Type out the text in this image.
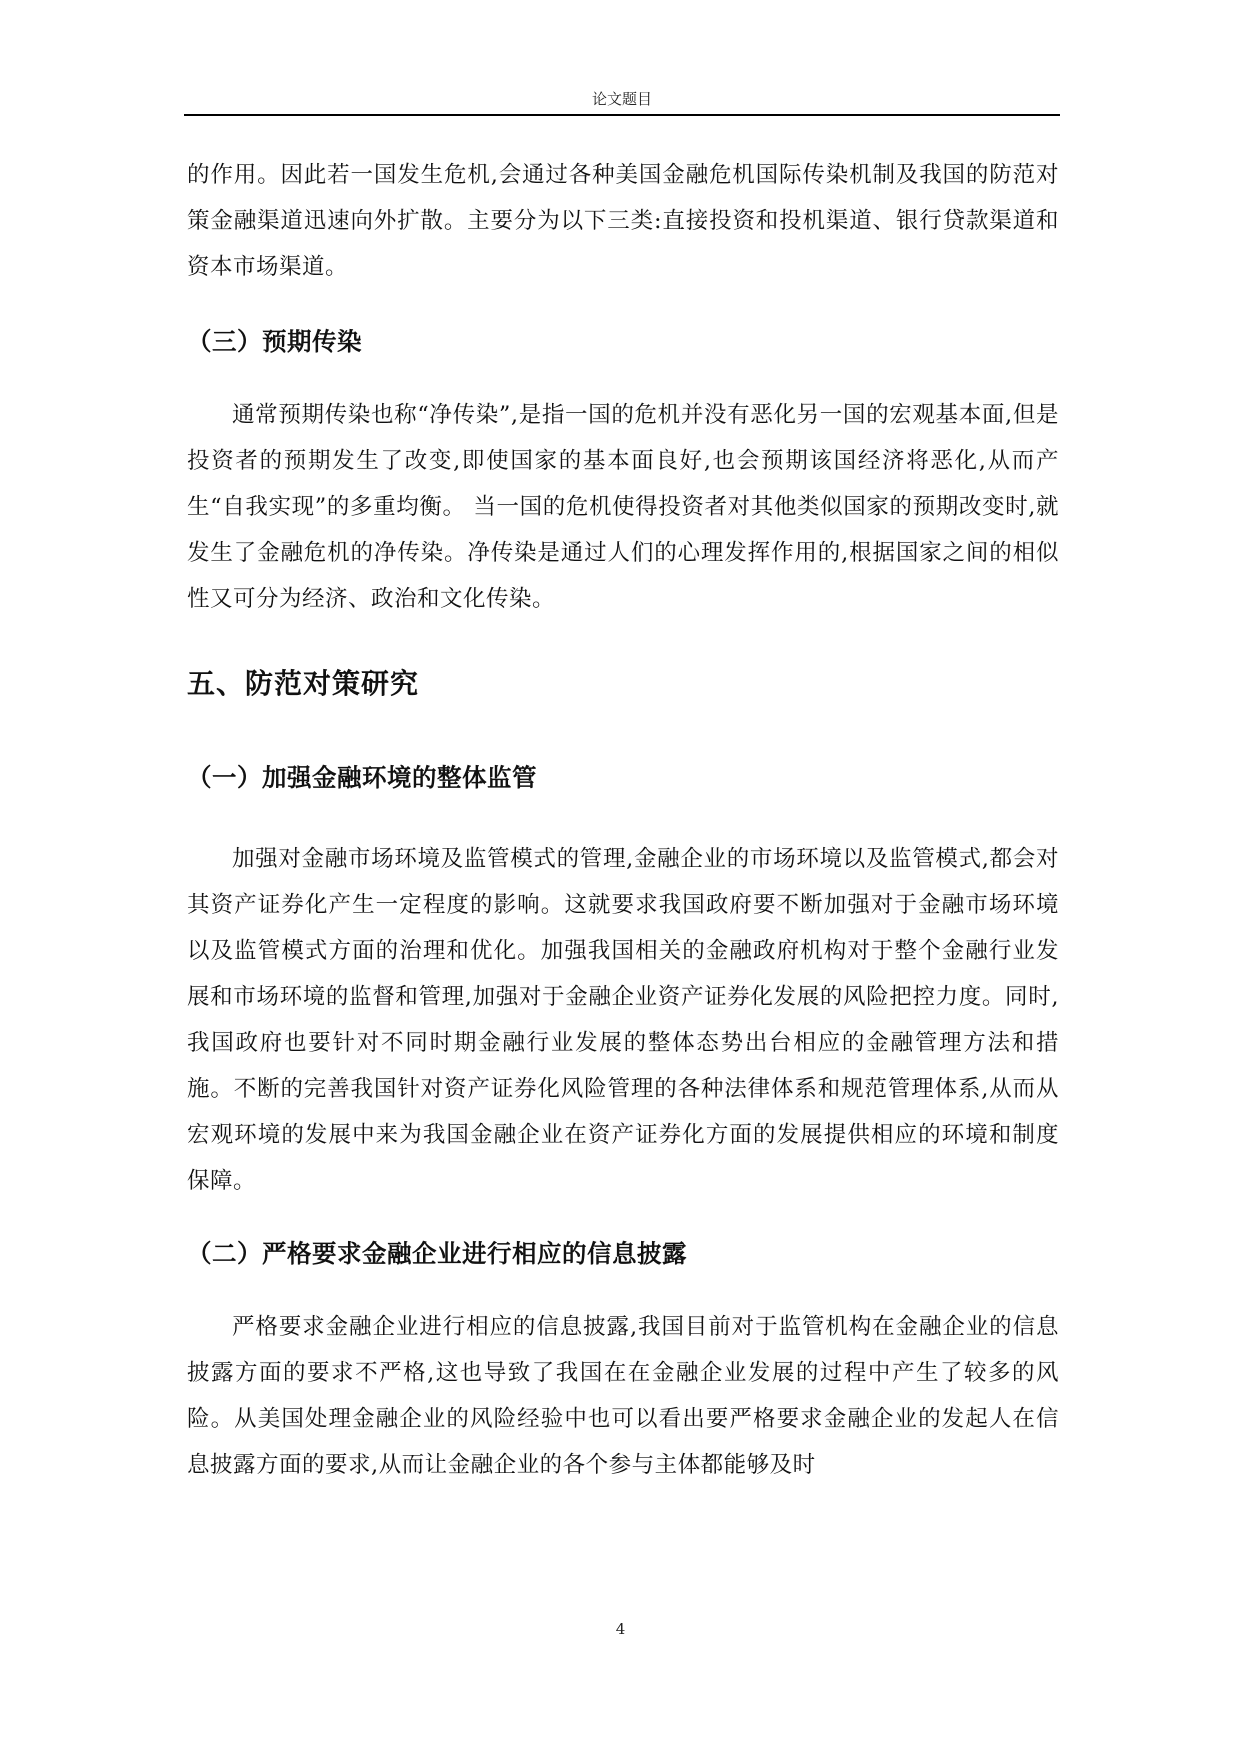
论文题目

的作用。因此若一国发生危机,会通过各种美国金融危机国际传染机制及我国的防范对策金融渠道迅速向外扩散。主要分为以下三类:直接投资和投机渠道、银行贷款渠道和资本市场渠道。

（三）预期传染

通常预期传染也称“净传染”,是指一国的危机并没有恶化另一国的宏观基本面,但是投资者的预期发生了改变,即使国家的基本面良好,也会预期该国经济将恶化,从而产生“自我实现”的多重均衡。 当一国的危机使得投资者对其他类似国家的预期改变时,就发生了金融危机的净传染。净传染是通过人们的心理发挥作用的,根据国家之间的相似性又可分为经济、政治和文化传染。

五、防范对策研究
（一）加强金融环境的整体监管

加强对金融市场环境及监管模式的管理,金融企业的市场环境以及监管模式,都会对其资产证券化产生一定程度的影响。这就要求我国政府要不断加强对于金融市场环境以及监管模式方面的治理和优化。加强我国相关的金融政府机构对于整个金融行业发展和市场环境的监督和管理,加强对于金融企业资产证券化发展的风险把控力度。同时,我国政府也要针对不同时期金融行业发展的整体态势出台相应的金融管理方法和措施。不断的完善我国针对资产证券化风险管理的各种法律体系和规范管理体系,从而从宏观环境的发展中来为我国金融企业在资产证券化方面的发展提供相应的环境和制度保障。

（二）严格要求金融企业进行相应的信息披露

严格要求金融企业进行相应的信息披露,我国目前对于监管机构在金融企业的信息披露方面的要求不严格,这也导致了我国在在金融企业发展的过程中产生了较多的风险。从美国处理金融企业的风险经验中也可以看出要严格要求金融企业的发起人在信息披露方面的要求,从而让金融企业的各个参与主体都能够及时

4
